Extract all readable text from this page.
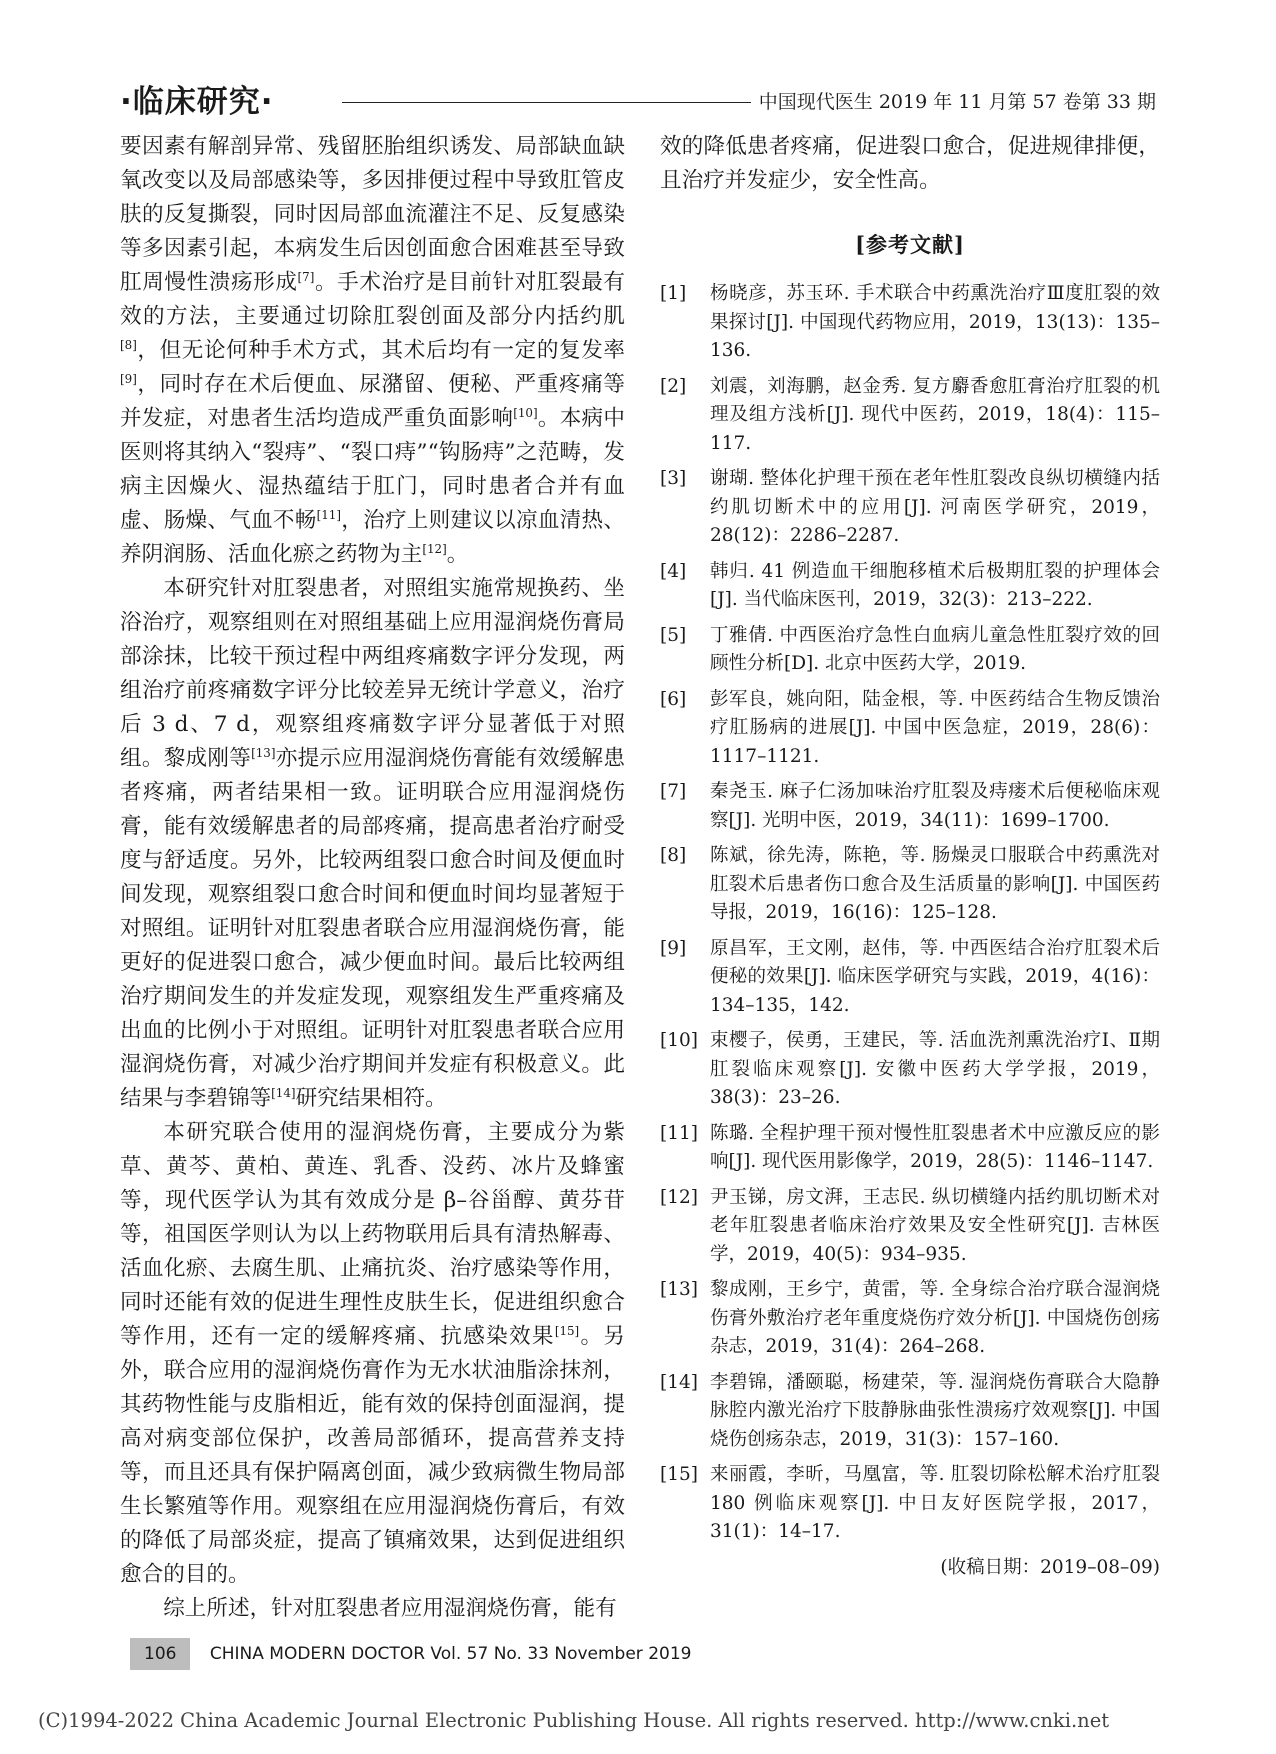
·临床研究·	中国现代医生 2019 年 11 月第 57 卷第 33 期

要因素有解剖异常、残留胚胎组织诱发、局部缺血缺氧改变以及局部感染等，多因排便过程中导致肛管皮肤的反复撕裂，同时因局部血流灌注不足、反复感染等多因素引起，本病发生后因创面愈合困难甚至导致肛周慢性溃疡形成[7]。手术治疗是目前针对肛裂最有效的方法，主要通过切除肛裂创面及部分内括约肌[8]，但无论何种手术方式，其术后均有一定的复发率[9]，同时存在术后便血、尿潴留、便秘、严重疼痛等并发症，对患者生活均造成严重负面影响[10]。本病中医则将其纳入“裂痔”、“裂口痔”“钩肠痔”之范畴，发病主因燥火、湿热蕴结于肛门，同时患者合并有血虚、肠燥、气血不畅[11]，治疗上则建议以凉血清热、养阴润肠、活血化瘀之药物为主[12]。

本研究针对肛裂患者，对照组实施常规换药、坐浴治疗，观察组则在对照组基础上应用湿润烧伤膏局部涂抹，比较干预过程中两组疼痛数字评分发现，两组治疗前疼痛数字评分比较差异无统计学意义，治疗后 3 d、7 d，观察组疼痛数字评分显著低于对照组。黎成刚等[13]亦提示应用湿润烧伤膏能有效缓解患者疼痛，两者结果相一致。证明联合应用湿润烧伤膏，能有效缓解患者的局部疼痛，提高患者治疗耐受度与舒适度。另外，比较两组裂口愈合时间及便血时间发现，观察组裂口愈合时间和便血时间均显著短于对照组。证明针对肛裂患者联合应用湿润烧伤膏，能更好的促进裂口愈合，减少便血时间。最后比较两组治疗期间发生的并发症发现，观察组发生严重疼痛及出血的比例小于对照组。证明针对肛裂患者联合应用湿润烧伤膏，对减少治疗期间并发症有积极意义。此结果与李碧锦等[14]研究结果相符。

本研究联合使用的湿润烧伤膏，主要成分为紫草、黄芩、黄柏、黄连、乳香、没药、冰片及蜂蜜等，现代医学认为其有效成分是 β–谷甾醇、黄芬苷等，祖国医学则认为以上药物联用后具有清热解毒、活血化瘀、去腐生肌、止痛抗炎、治疗感染等作用，同时还能有效的促进生理性皮肤生长，促进组织愈合等作用，还有一定的缓解疼痛、抗感染效果[15]。另外，联合应用的湿润烧伤膏作为无水状油脂涂抹剂，其药物性能与皮脂相近，能有效的保持创面湿润，提高对病变部位保护，改善局部循环，提高营养支持等，而且还具有保护隔离创面，减少致病微生物局部生长繁殖等作用。观察组在应用湿润烧伤膏后，有效的降低了局部炎症，提高了镇痛效果，达到促进组织愈合的目的。

综上所述，针对肛裂患者应用湿润烧伤膏，能有

效的降低患者疼痛，促进裂口愈合，促进规律排便，且治疗并发症少，安全性高。

[参考文献]
[1]	杨晓彦，苏玉环. 手术联合中药熏洗治疗Ⅲ度肛裂的效果探讨[J]. 中国现代药物应用，2019，13(13)：135–136.
[2]	刘震，刘海鹏，赵金秀. 复方麝香愈肛膏治疗肛裂的机理及组方浅析[J]. 现代中医药，2019，18(4)：115–117.
[3]	谢瑚. 整体化护理干预在老年性肛裂改良纵切横缝内括约肌切断术中的应用[J]. 河南医学研究，2019，28(12)：2286–2287.
[4]	韩归. 41 例造血干细胞移植术后极期肛裂的护理体会[J]. 当代临床医刊，2019，32(3)：213–222.
[5]	丁雅倩. 中西医治疗急性白血病儿童急性肛裂疗效的回顾性分析[D]. 北京中医药大学，2019.
[6]	彭军良，姚向阳，陆金根，等. 中医药结合生物反馈治疗肛肠病的进展[J]. 中国中医急症，2019，28(6)：1117–1121.
[7]	秦尧玉. 麻子仁汤加味治疗肛裂及痔瘘术后便秘临床观察[J]. 光明中医，2019，34(11)：1699–1700.
[8]	陈斌，徐先涛，陈艳，等. 肠燥灵口服联合中药熏洗对肛裂术后患者伤口愈合及生活质量的影响[J]. 中国医药导报，2019，16(16)：125–128.
[9]	原昌军，王文刚，赵伟，等. 中西医结合治疗肛裂术后便秘的效果[J]. 临床医学研究与实践，2019，4(16)：134–135，142.
[10] 束樱子，侯勇，王建民，等. 活血洗剂熏洗治疗Ⅰ、Ⅱ期肛裂临床观察[J]. 安徽中医药大学学报，2019，38(3)：23–26.
[11] 陈璐. 全程护理干预对慢性肛裂患者术中应激反应的影响[J]. 现代医用影像学，2019，28(5)：1146–1147.
[12] 尹玉锑，房文湃，王志民. 纵切横缝内括约肌切断术对老年肛裂患者临床治疗效果及安全性研究[J]. 吉林医学，2019，40(5)：934–935.
[13] 黎成刚，王乡宁，黄雷，等. 全身综合治疗联合湿润烧伤膏外敷治疗老年重度烧伤疗效分析[J]. 中国烧伤创疡杂志，2019，31(4)：264–268.
[14] 李碧锦，潘颐聪，杨建荣，等. 湿润烧伤膏联合大隐静脉腔内激光治疗下肢静脉曲张性溃疡疗效观察[J]. 中国烧伤创疡杂志，2019，31(3)：157–160.
[15] 来丽霞，李昕，马凰富，等. 肛裂切除松解术治疗肛裂 180 例临床观察[J]. 中日友好医院学报，2017，31(1)：14–17.
(收稿日期：2019–08–09)
106 CHINA MODERN DOCTOR Vol. 57 No. 33 November 2019
(C)1994-2022 China Academic Journal Electronic Publishing House. All rights reserved. http://www.cnki.net
